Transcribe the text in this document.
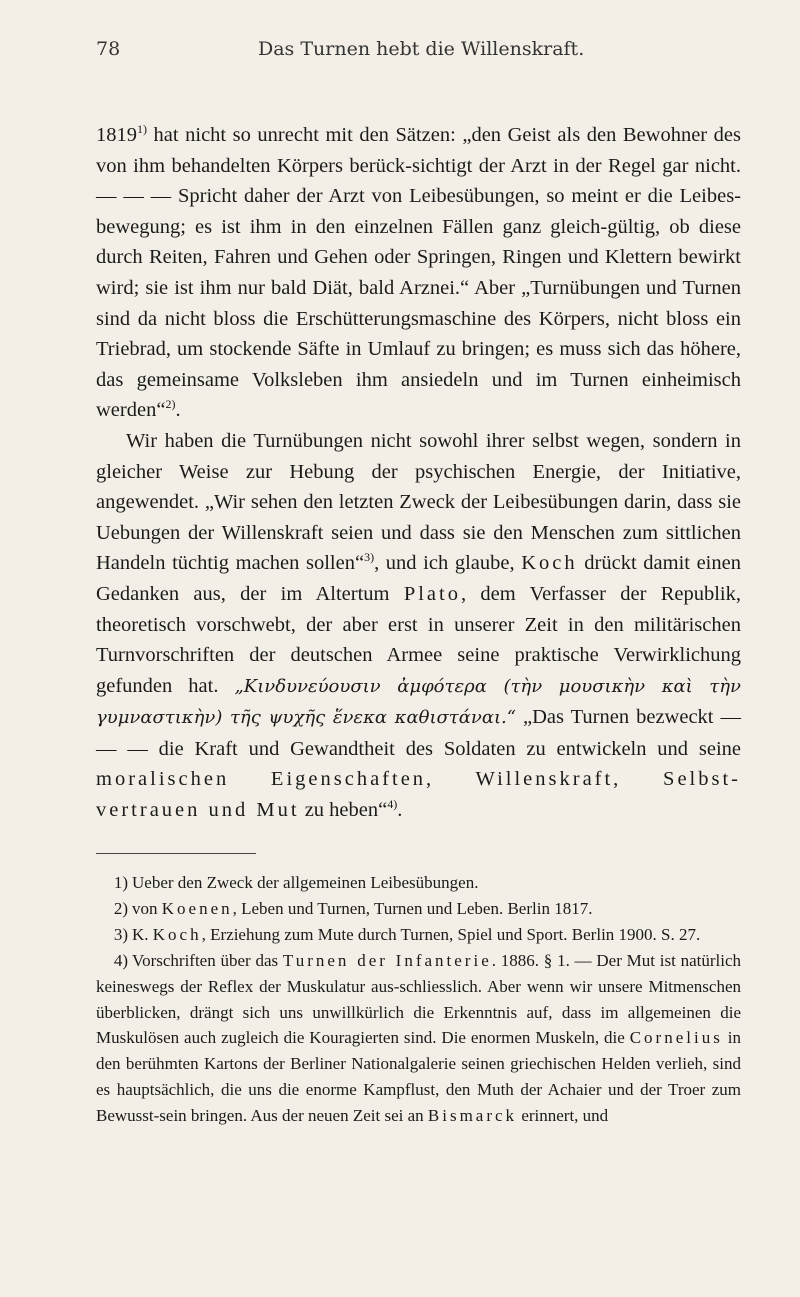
78	Das Turnen hebt die Willenskraft.

1819$^{1)}$ hat nicht so unrecht mit den Sätzen: „den Geist als den Bewohner des von ihm behandelten Körpers berück-sichtigt der Arzt in der Regel gar nicht. — — — Spricht daher der Arzt von Leibesübungen, so meint er die Leibes-bewegung; es ist ihm in den einzelnen Fällen ganz gleich-gültig, ob diese durch Reiten, Fahren und Gehen oder Springen, Ringen und Klettern bewirkt wird; sie ist ihm nur bald Diät, bald Arznei.“ Aber „Turnübungen und Turnen sind da nicht bloss die Erschütterungsmaschine des Körpers, nicht bloss ein Triebrad, um stockende Säfte in Umlauf zu bringen; es muss sich das höhere, das gemeinsame Volksleben ihm ansiedeln und im Turnen einheimisch werden“$^{2)}$.

Wir haben die Turnübungen nicht sowohl ihrer selbst wegen, sondern in gleicher Weise zur Hebung der psychischen Energie, der Initiative, angewendet. „Wir sehen den letzten Zweck der Leibesübungen darin, dass sie Uebungen der Willenskraft seien und dass sie den Menschen zum sittlichen Handeln tüchtig machen sollen“$^{3)}$, und ich glaube, Koch drückt damit einen Gedanken aus, der im Altertum Plato, dem Verfasser der Republik, theoretisch vorschwebt, der aber erst in unserer Zeit in den militärischen Turnvorschriften der deutschen Armee seine praktische Verwirklichung gefunden hat. „Κινδυνεύουσιν ἀμφότερα (τὴν μουσικὴν καὶ τὴν γυμναστικὴν) τῆς ψυχῆς ἕνεκα καθιστάναι.“ „Das Turnen bezweckt — — — die Kraft und Gewandtheit des Soldaten zu entwickeln und seine moralischen Eigenschaften, Willenskraft, Selbst-vertrauen und Mut zu heben“$^{4)}$.

1) Ueber den Zweck der allgemeinen Leibesübungen.

2) von Koenen, Leben und Turnen, Turnen und Leben. Berlin 1817.

3) K. Koch, Erziehung zum Mute durch Turnen, Spiel und Sport. Berlin 1900. S. 27.

4) Vorschriften über das Turnen der Infanterie. 1886. § 1. — Der Mut ist natürlich keineswegs der Reflex der Muskulatur aus-schliesslich. Aber wenn wir unsere Mitmenschen überblicken, drängt sich uns unwillkürlich die Erkenntnis auf, dass im allgemeinen die Muskulösen auch zugleich die Kouragierten sind. Die enormen Muskeln, die Cornelius in den berühmten Kartons der Berliner Nationalgalerie seinen griechischen Helden verlieh, sind es hauptsächlich, die uns die enorme Kampflust, den Muth der Achaier und der Troer zum Bewusst-sein bringen. Aus der neuen Zeit sei an Bismarck erinnert, und
